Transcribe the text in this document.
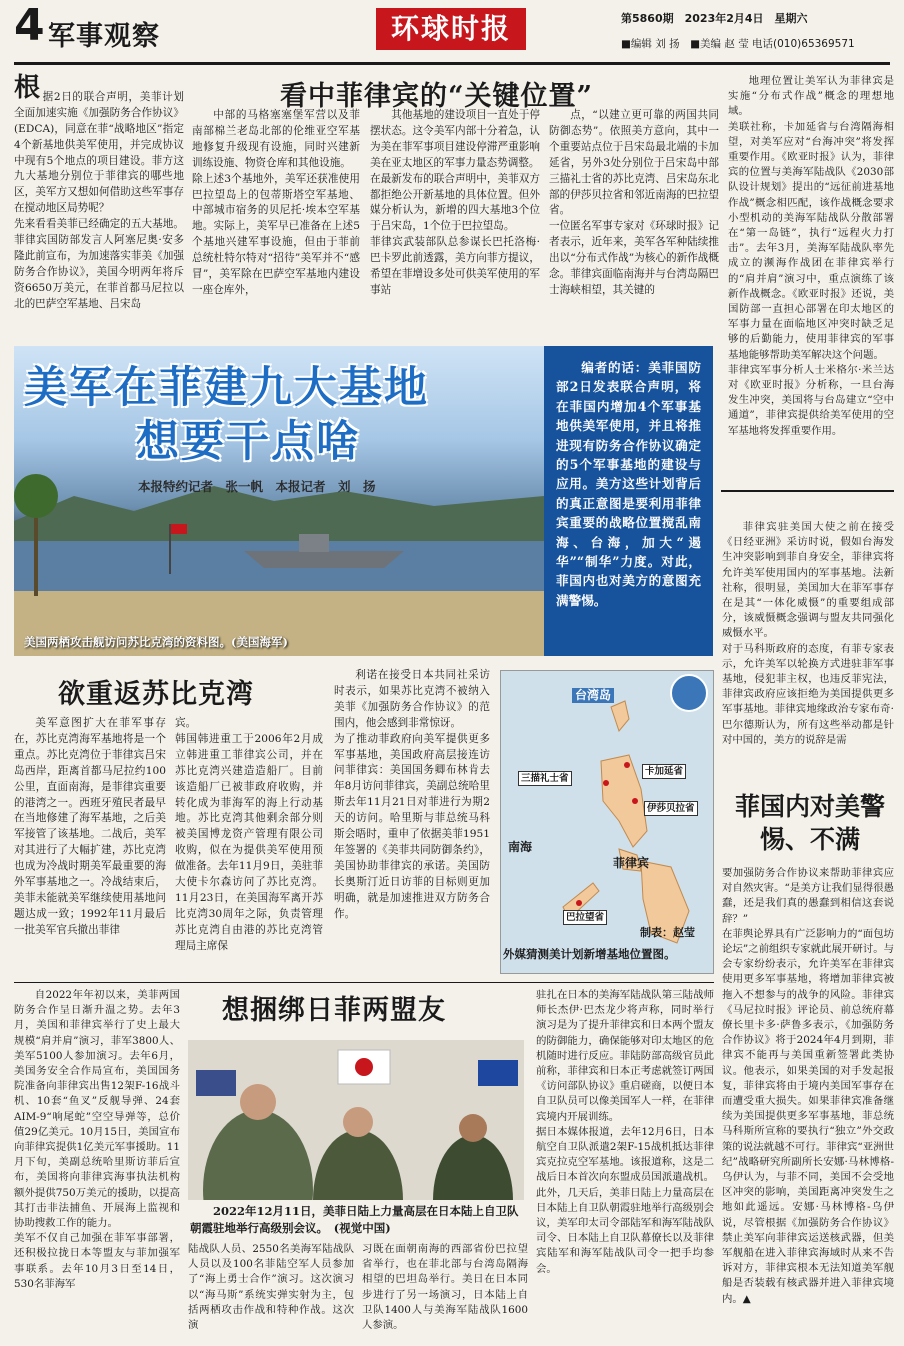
4 军事观察	环球时报	第5860期　2023年2月4日　星期六
■编辑 刘 扬　■美编 赵 莹 电话(010)65369571
看中菲律宾的“关键位置”
根 据2日的联合声明，美菲计划全面加速实施《加强防务合作协议》(EDCA)，同意在菲“战略地区”指定4个新基地供美军使用，并完成协议中现有5个地点的项目建设。菲方这九大基地分别位于菲律宾的哪些地区，美军方又想如何借助这些军事存在搅动地区局势呢？
先来看看美菲已经确定的五大基地。菲律宾国防部发言人阿塞尼奥·安多隆此前宣布，为加速落实菲美《加强防务合作协议》，美国今明两年将斥资6650万美元，在菲首都马尼拉以北的巴萨空军基地、吕宋岛
中部的马格塞塞堡军营以及菲南部棉兰老岛北部的伦维亚空军基地修复升级现有设施，同时兴建新训练设施、物资仓库和其他设施。
除上述3个基地外，美军还获准使用巴拉望岛上的包蒂斯塔空军基地、中部城市宿务的贝尼托·埃本空军基地。实际上，美军早已准备在上述5个基地兴建军事设施，但由于菲前总统杜特尔特对“招待”美军并不“感冒”，美军除在巴萨空军基地内建设一座仓库外，
其他基地的建设项目一直处于停摆状态。这令美军内部十分着急，认为美在菲军事项目建设停滞严重影响美在亚太地区的军事力量态势调整。
在最新发布的联合声明中，美菲双方都拒绝公开新基地的具体位置。但外媒分析认为，新增的四大基地3个位于吕宋岛，1个位于巴拉望岛。
菲律宾武装部队总参谋长巴托洛梅·巴卡罗此前透露，美方向菲方提议，希望在菲增设多处可供美军使用的军事站
点，“以建立更可靠的两国共同防御态势”。依照美方意向，其中一个重要站点位于吕宋岛最北端的卡加延省，另外3处分别位于吕宋岛中部三描礼士省的苏比克湾、吕宋岛东北部的伊莎贝拉省和邻近南海的巴拉望省。
一位匿名军事专家对《环球时报》记者表示，近年来，美军各军种陆续推出以“分布式作战”为核心的新作战概念。菲律宾面临南海并与台湾岛隔巴士海峡相望，其关键的
地理位置让美军认为菲律宾是实施“分布式作战”概念的理想地域。
美联社称，卡加延省与台湾隔海相望，对美军应对“台海冲突”将发挥重要作用。《欧亚时报》认为，菲律宾的位置与美海军陆战队《2030部队设计规划》提出的“远征前进基地作战”概念相匹配，该作战概念要求小型机动的美海军陆战队分散部署在“第一岛链”，执行“远程火力打击”。去年3月，美海军陆战队率先成立的濒海作战团在菲律宾举行的“肩并肩”演习中，重点演练了该新作战概念。《欧亚时报》还说，美国防部一直担心部署在印太地区的军事力量在面临地区冲突时缺乏足够的后勤能力，使用菲律宾的军事基地能够帮助美军解决这个问题。
菲律宾军事分析人士米格尔·米兰达对《欧亚时报》分析称，一旦台海发生冲突，美国将与台岛建立“空中通道”，菲律宾提供给美军使用的空军基地将发挥重要作用。
美军在菲建九大基地
想要干点啥
本报特约记者　张一帆　本报记者　刘　扬
美国两栖攻击舰访问苏比克湾的资料图。(美国海军)
编者的话：美菲国防部2日发表联合声明，将在菲国内增加4个军事基地供美军使用，并且将推进现有防务合作协议确定的5个军事基地的建设与应用。美方这些计划背后的真正意图是要利用菲律宾重要的战略位置搅乱南海、台海，加大“遏华”“制华”力度。对此，菲国内也对美方的意图充满警惕。
欲重返苏比克湾
美军意图扩大在菲军事存在，苏比克湾海军基地将是一个重点。苏比克湾位于菲律宾吕宋岛西岸，距离首都马尼拉约100公里，直面南海，是菲律宾重要的港湾之一。西班牙殖民者最早在当地修建了海军基地，之后美军接管了该基地。二战后，美军对其进行了大幅扩建，苏比克湾也成为冷战时期美军最重要的海外军事基地之一。冷战结束后，美菲未能就美军继续使用基地问题达成一致；1992年11月最后一批美军官兵撤出菲律
宾。
韩国韩进重工于2006年2月成立韩进重工菲律宾公司，并在苏比克湾兴建造造船厂。目前该造船厂已被菲政府收购，并转化成为菲海军的海上行动基地。苏比克湾其他剩余部分则被美国博龙资产管理有限公司收购，似在为提供美军使用预做准备。去年11月9日，美驻菲大使卡尔森访问了苏比克湾。11月23日，在美国海军离开苏比克湾30周年之际，负责管理苏比克湾自由港的苏比克湾管理局主席保
利诺在接受日本共同社采访时表示，如果苏比克湾不被纳入美菲《加强防务合作协议》的范围内，他会感到非常惊讶。
为了推动菲政府向美军提供更多军事基地，美国政府高层接连访问菲律宾：美国国务卿布林肯去年8月访问菲律宾，美副总统哈里斯去年11月21日对菲进行为期2天的访问。哈里斯与菲总统马科斯会晤时，重申了依据美菲1951年签署的《美菲共同防御条约》，美国协助菲律宾的承诺。美国防长奥斯汀近日访菲的目标则更加明确，就是加速推进双方防务合作。
台湾岛
卡加延省
三描礼士省
伊莎贝拉省
南海
菲律宾
巴拉望省
制表：赵莹
外媒猜测美计划新增基地位置图。
菲律宾驻美国大使之前在接受《日经亚洲》采访时说，假如台海发生冲突影响到菲自身安全，菲律宾将允许美军使用国内的军事基地。法新社称，很明显，美国加大在菲军事存在是其“一体化威慑”的重要组成部分，该威慑概念强调与盟友共同强化威慑水平。
对于马科斯政府的态度，有菲专家表示，允许美军以轮换方式进驻菲军事基地，侵犯菲主权，也违反菲宪法，菲律宾政府应该拒绝为美国提供更多军事基地。菲律宾地缘政治专家布奇·巴尔德斯认为，所有这些举动都是针对中国的，美方的说辞是需
菲国内对美警惕、不满
要加强防务合作协议来帮助菲律宾应对自然灾害。“是美方让我们显得很愚蠢，还是我们真的愚蠢到相信这套说辞？”
在菲舆论界具有广泛影响力的“面包坊论坛”之前组织专家就此展开研讨。与会专家纷纷表示，允许美军在菲律宾使用更多军事基地，将增加菲律宾被拖入不想参与的战争的风险。菲律宾《马尼拉时报》评论员、前总统府幕僚长里卡多·萨鲁多表示，《加强防务合作协议》将于2024年4月到期，菲律宾不能再与美国重新签署此类协议。他表示，如果美国的对手发起报复，菲律宾将由于境内美国军事存在而遭受重大损失。如果菲律宾准备继续为美国提供更多军事基地，菲总统马科斯所宣称的要执行“独立”外交政策的说法就越不可行。菲律宾“亚洲世纪”战略研究所副所长安娜·马林博格-乌伊认为，与菲不同，美国不会受地区冲突的影响，美国距离冲突发生之地如此遥远。安娜·马林博格-乌伊说，尽管根据《加强防务合作协议》禁止美军向菲律宾运送核武器，但美军舰船在进入菲律宾海域时从来不告诉对方，菲律宾根本无法知道美军舰船是否装载有核武器并进入菲律宾境内。▲
想捆绑日菲两盟友
自2022年年初以来，美菲两国防务合作呈日渐升温之势。去年3月，美国和菲律宾举行了史上最大规模“肩并肩”演习，菲军3800人、美军5100人参加演习。去年6月，美国务安全合作局宣布，美国国务院准备向菲律宾出售12架F-16战斗机、10套“鱼叉”反舰导弹、24套AIM-9“响尾蛇”空空导弹等，总价值29亿美元。10月15日，美国宣布向菲律宾提供1亿美元军事援助。11月下旬，美副总统哈里斯访菲后宣布，美国将向菲律宾海事执法机构额外提供750万美元的援助，以提高其打击非法捕鱼、开展海上监视和协助搜救工作的能力。
美军不仅自己加强在菲军事部署，还积极拉拢日本等盟友与菲加强军事联系。去年10月3日至14日，530名菲海军
2022年12月11日，美菲日陆上力量高层在日本陆上自卫队朝霞驻地举行高级别会议。　(视觉中国)
陆战队人员、2550名美海军陆战队人员以及100名菲陆空军人员参加了“海上勇士合作”演习。这次演习以“海马斯”系统实弹实射为主，包括两栖攻击作战和特种作战。这次演
习既在面朝南海的西部省份巴拉望省举行，也在菲北部与台湾岛隔海相望的巴坦岛举行。美日在日本同步进行了另一场演习，日本陆上自卫队1400人与美海军陆战队1600人参演。
驻扎在日本的美海军陆战队第三陆战师师长杰伊·巴杰龙少将声称，同时举行演习是为了提升菲律宾和日本两个盟友的防御能力，确保能够对印太地区的危机随时进行反应。菲陆防部高级官员此前称，菲律宾和日本正考虑就签订两国《访问部队协议》重启磋商，以便日本自卫队员可以像美国军人一样，在菲律宾境内开展训练。
据日本媒体报道，去年12月6日，日本航空自卫队派遣2架F-15战机抵达菲律宾克拉克空军基地。该报道称，这是二战后日本首次向东盟成员国派遣战机。此外，几天后，美菲日陆上力量高层在日本陆上自卫队朝霞驻地举行高级别会议，美军印太司令部陆军和海军陆战队司令、日本陆上自卫队幕僚长以及菲律宾陆军和海军陆战队司令一把手均参会。
